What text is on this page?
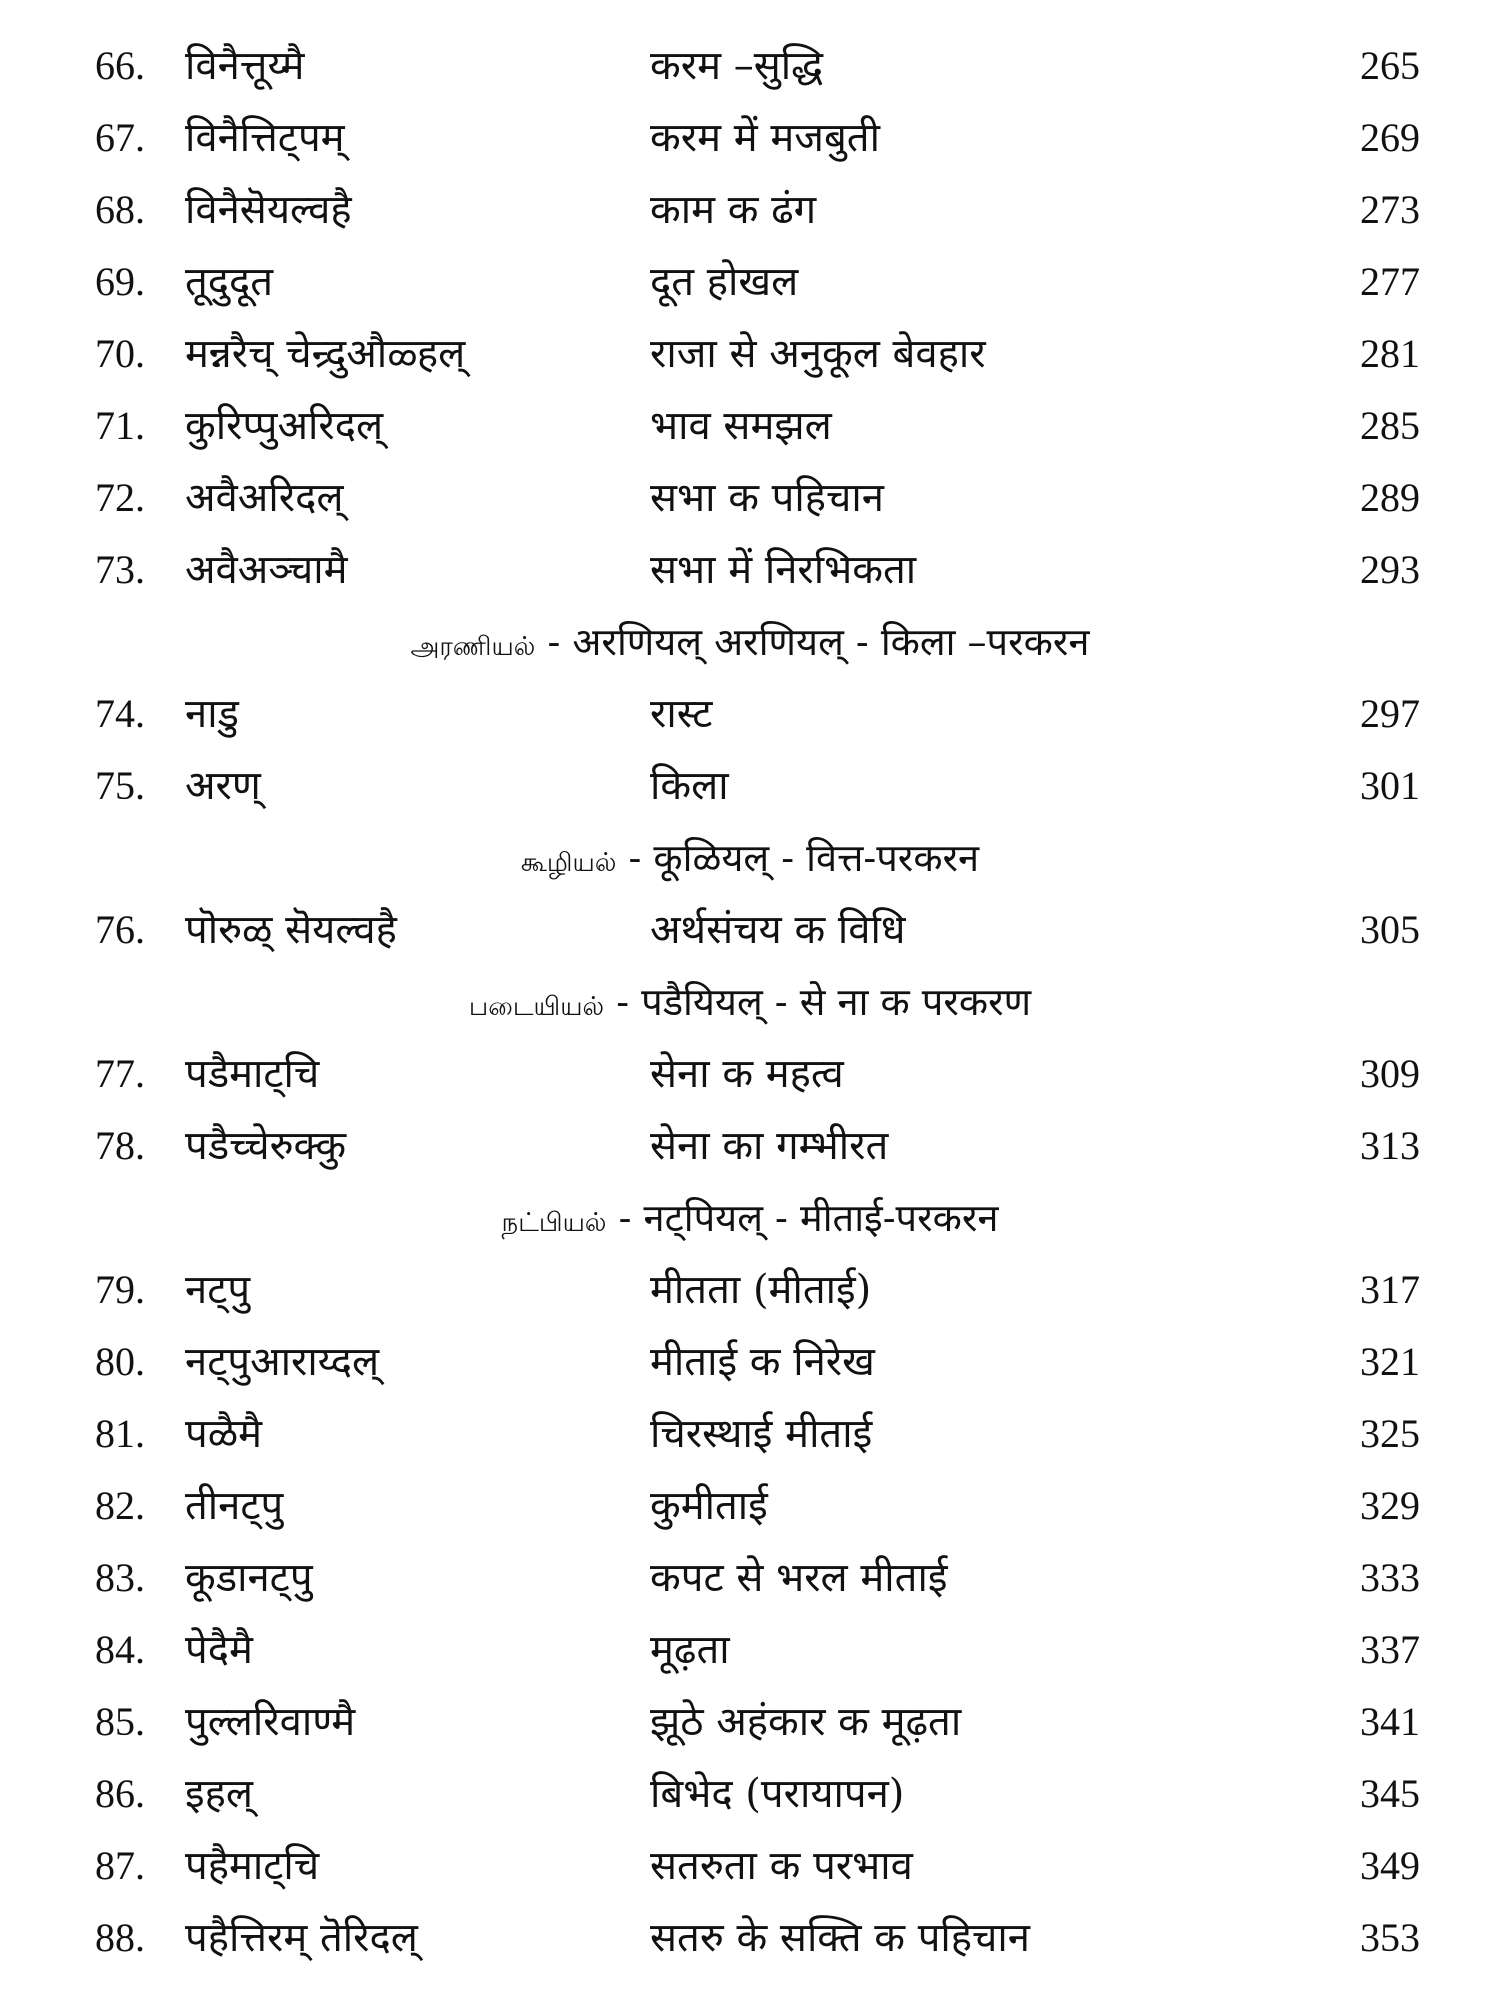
66.	विनैत्तूय्मै	करम –सुद्धि	265
67.	विनैत्तिट्पम्	करम में मजबुती	269
68.	विनैसॆयल्वहै	काम क ढंग	273
69.	तूदुदूत	दूत होखल	277
70.	मन्नरैच् चेन्र्दुऔळ्हल्	राजा से अनुकूल बेवहार	281
71.	कुरिप्पुअरिदल्	भाव समझल	285
72.	अवैअरिदल्	सभा क पहिचान	289
73.	अवैअञ्चामै	सभा में निरभिकता	293
அரணியல் - अरणियल् अरणियल् - किला –परकरन
74.	नाडु	रास्ट	297
75.	अरण्	किला	301
கூழியல் - कूळियल् - वित्त-परकरन
76.	पॊरुळ् सॆयल्वहै	अर्थसंचय क विधि	305
படையியல் - पडैयियल् - से ना क परकरण
77.	पडैमाट्चि	सेना क महत्व	309
78.	पडैच्चेरुक्कु	सेना का गम्भीरत	313
நட்பியல் - नट्पियल् - मीताई-परकरन
79.	नट्पु	मीतता (मीताई)	317
80.	नट्पुआराय्दल्	मीताई क निरेख	321
81.	पळैमै	चिरस्थाई मीताई	325
82.	तीनट्पु	कुमीताई	329
83.	कूडानट्पु	कपट से भरल मीताई	333
84.	पेदैमै	मूढ़ता	337
85.	पुल्लरिवाण्मै	झूठे अहंकार क मूढ़ता	341
86.	इहल्	बिभेद (परायापन)	345
87.	पहैमाट्चि	सतरुता क परभाव	349
88.	पहैत्तिरम् तॆरिदल्	सतरु के सक्ति क पहिचान	353
